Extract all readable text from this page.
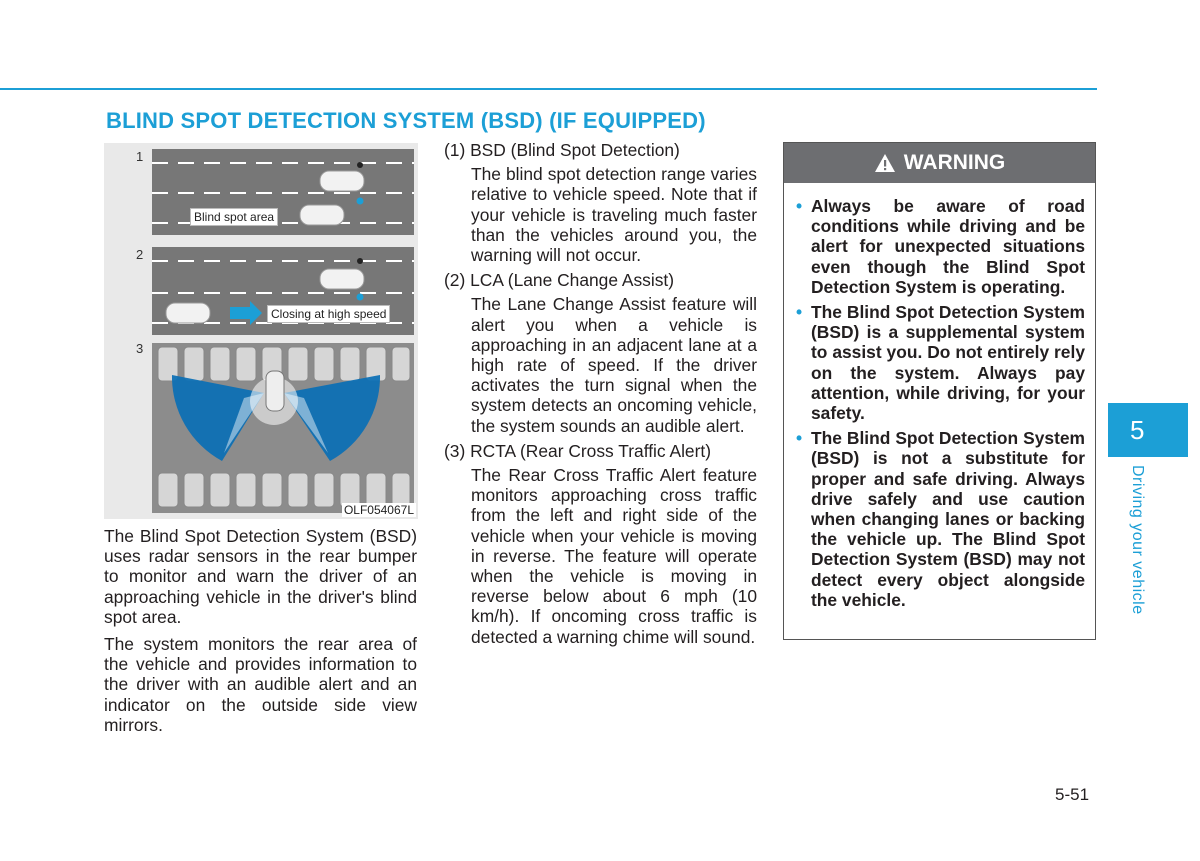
BLIND SPOT DETECTION SYSTEM (BSD) (IF EQUIPPED)
1
2
3
Blind spot area
Closing at high speed
OLF054067L

The Blind Spot Detection System (BSD) uses radar sensors in the rear bumper to monitor and warn the driver of an approaching vehicle in the driver's blind spot area.

The system monitors the rear area of the vehicle and provides information to the driver with an audible alert and an indicator on the outside side view mirrors.

(1) BSD (Blind Spot Detection)

The blind spot detection range varies relative to vehicle speed. Note that if your vehicle is traveling much faster than the vehicles around you, the warning will not occur.

(2) LCA (Lane Change Assist)

The Lane Change Assist feature will alert you when a vehicle is approaching in an adjacent lane at a high rate of speed. If the driver activates the turn signal when the system detects an oncoming vehicle, the system sounds an audible alert.

(3) RCTA (Rear Cross Traffic Alert)

The Rear Cross Traffic Alert feature monitors approaching cross traffic from the left and right side of the vehicle when your vehicle is moving in reverse. The feature will operate when the vehicle is moving in reverse below about 6 mph (10 km/h). If oncoming cross traffic is detected a warning chime will sound.

WARNING
• Always be aware of road conditions while driving and be alert for unexpected situations even though the Blind Spot Detection System is operating.
• The Blind Spot Detection System (BSD) is a supplemental system to assist you. Do not entirely rely on the system. Always pay attention, while driving, for your safety.
• The Blind Spot Detection System (BSD) is not a substitute for proper and safe driving. Always drive safely and use caution when changing lanes or backing the vehicle up. The Blind Spot Detection System (BSD) may not detect every object alongside the vehicle.
5
Driving your vehicle
5-51
